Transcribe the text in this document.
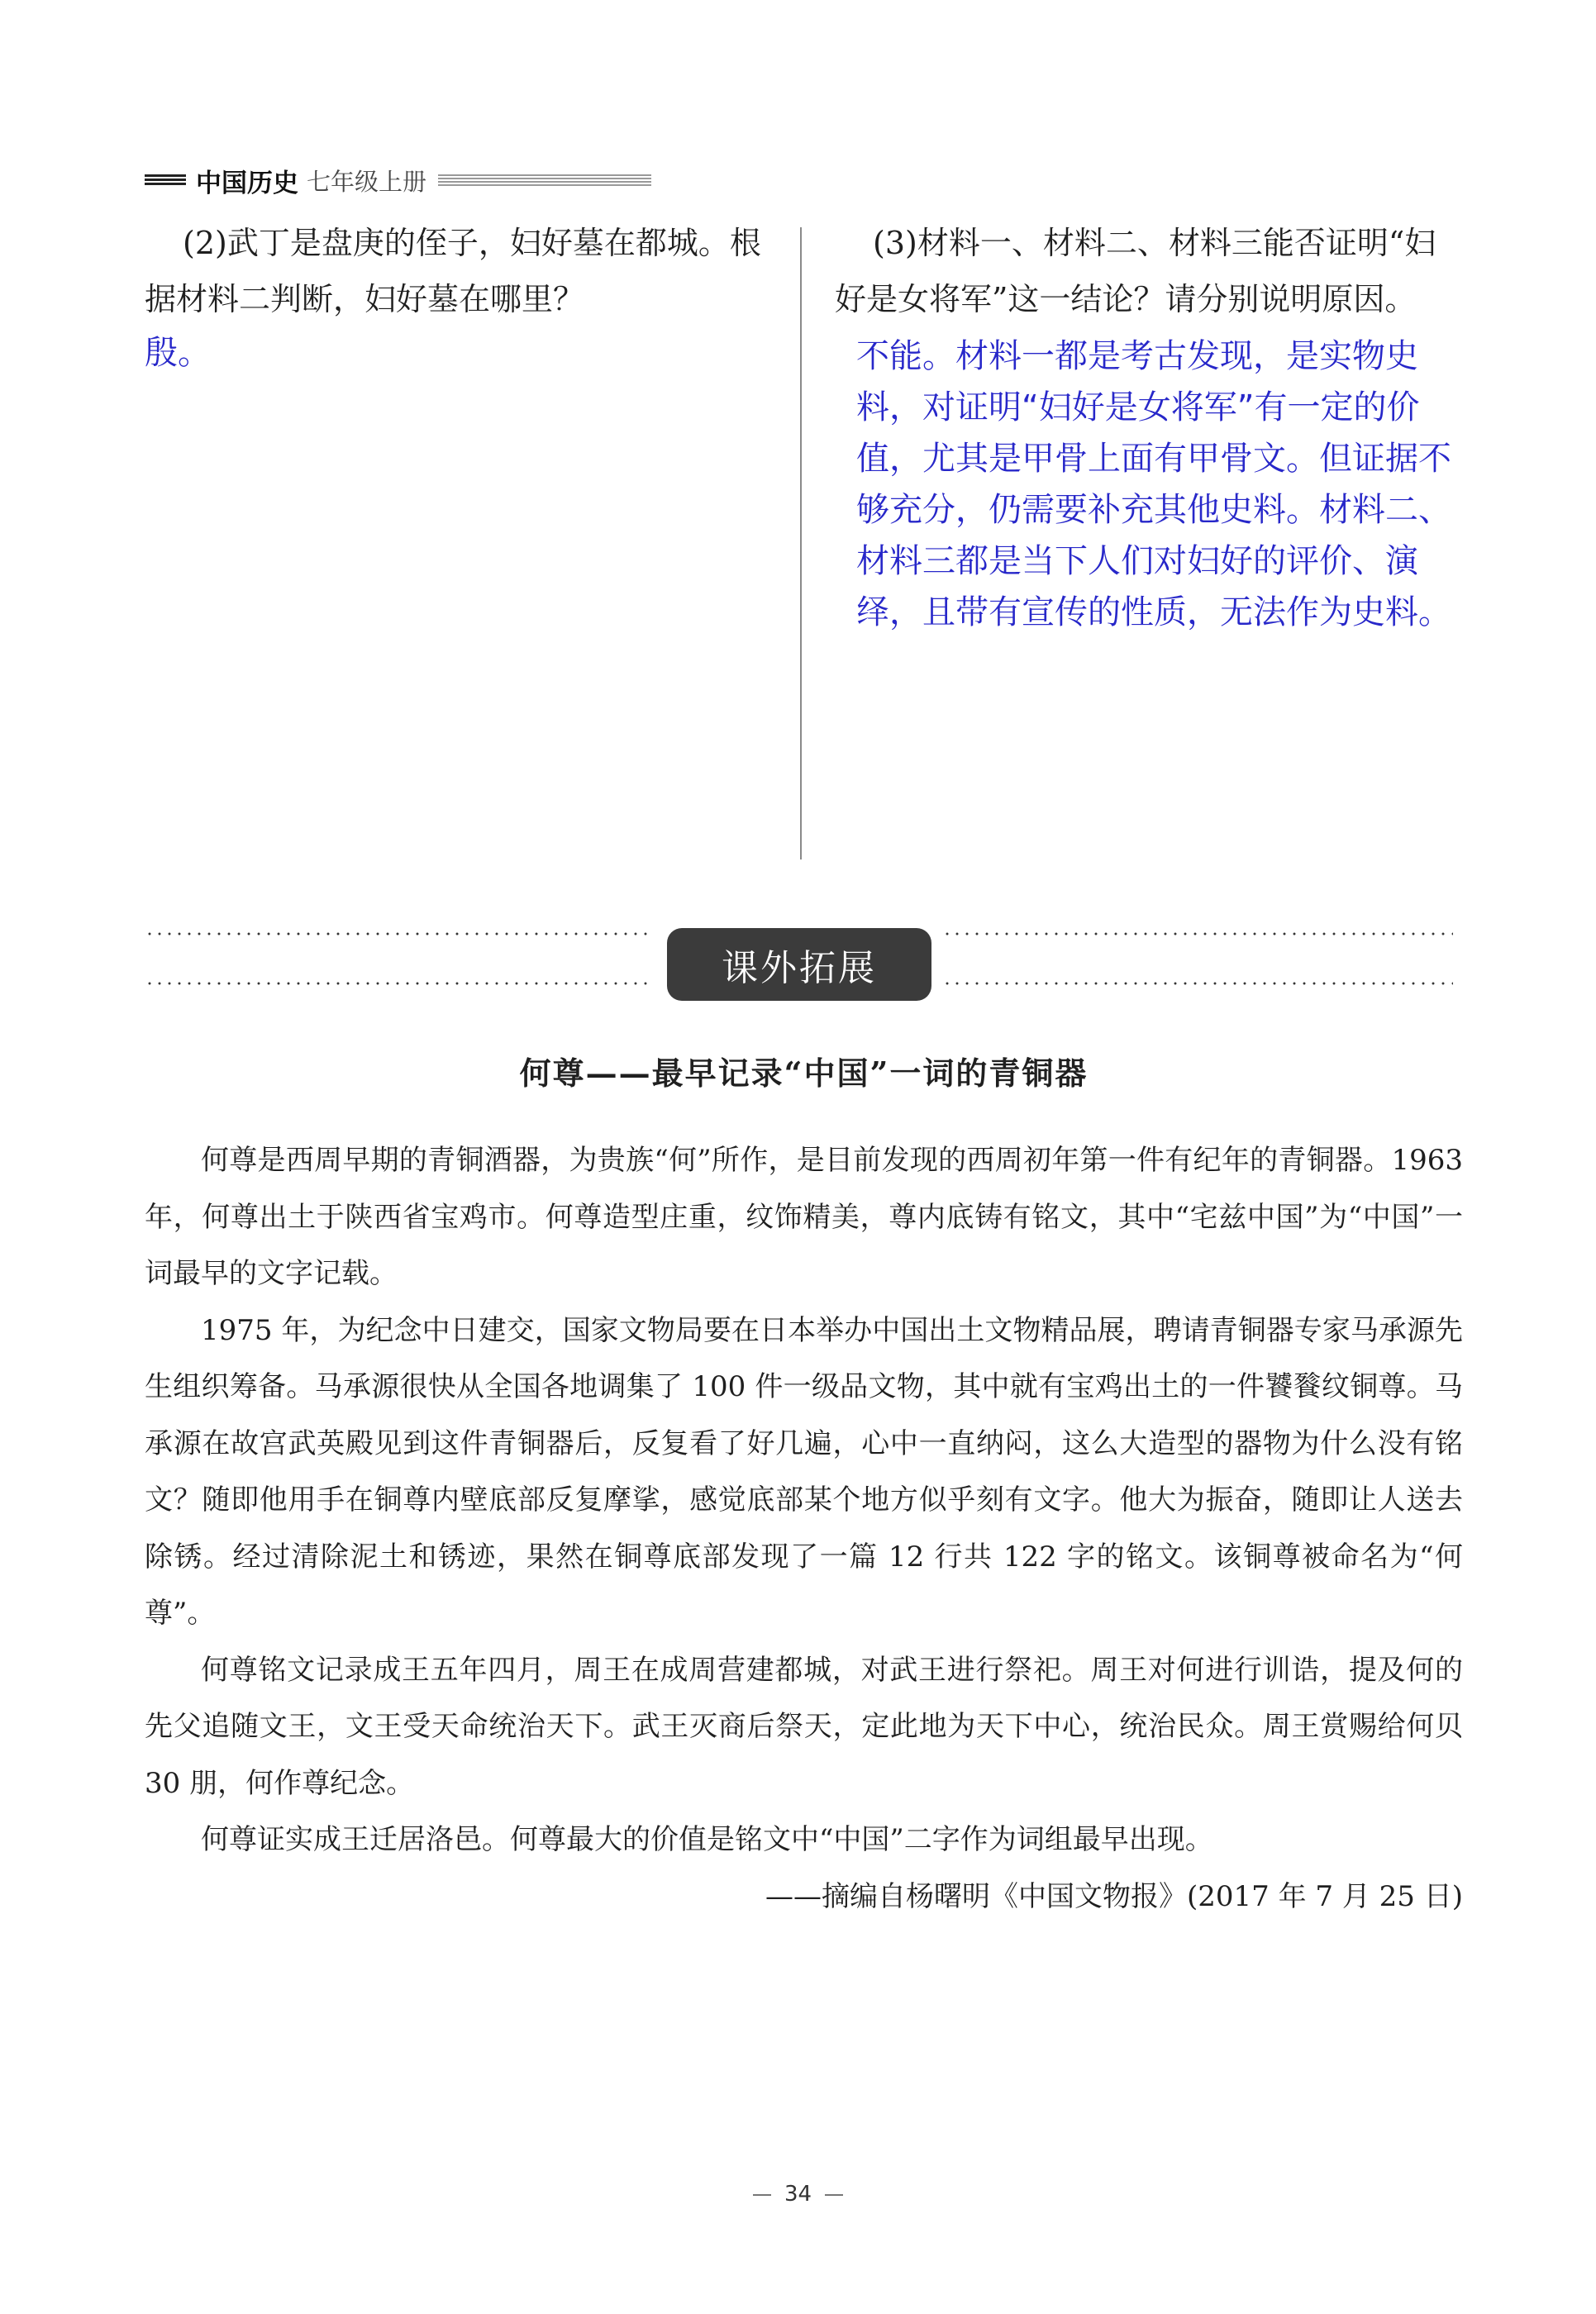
中国历史 七年级上册

(2)武丁是盘庚的侄子，妇好墓在都城。根据材料二判断，妇好墓在哪里？

殷。

(3)材料一、材料二、材料三能否证明“妇好是女将军”这一结论？请分别说明原因。

不能。材料一都是考古发现，是实物史料，对证明“妇好是女将军”有一定的价值，尤其是甲骨上面有甲骨文。但证据不够充分，仍需要补充其他史料。材料二、材料三都是当下人们对妇好的评价、演绎，且带有宣传的性质，无法作为史料。

课外拓展
何尊——最早记录“中国”一词的青铜器

何尊是西周早期的青铜酒器，为贵族“何”所作，是目前发现的西周初年第一件有纪年的青铜器。1963 年，何尊出土于陕西省宝鸡市。何尊造型庄重，纹饰精美，尊内底铸有铭文，其中“宅兹中国”为“中国”一词最早的文字记载。

1975 年，为纪念中日建交，国家文物局要在日本举办中国出土文物精品展，聘请青铜器专家马承源先生组织筹备。马承源很快从全国各地调集了 100 件一级品文物，其中就有宝鸡出土的一件饕餮纹铜尊。马承源在故宫武英殿见到这件青铜器后，反复看了好几遍，心中一直纳闷，这么大造型的器物为什么没有铭文？随即他用手在铜尊内壁底部反复摩挲，感觉底部某个地方似乎刻有文字。他大为振奋，随即让人送去除锈。经过清除泥土和锈迹，果然在铜尊底部发现了一篇 12 行共 122 字的铭文。该铜尊被命名为“何尊”。

何尊铭文记录成王五年四月，周王在成周营建都城，对武王进行祭祀。周王对何进行训诰，提及何的先父追随文王，文王受天命统治天下。武王灭商后祭天，定此地为天下中心，统治民众。周王赏赐给何贝 30 朋，何作尊纪念。

何尊证实成王迁居洛邑。何尊最大的价值是铭文中“中国”二字作为词组最早出现。

——摘编自杨曙明《中国文物报》(2017 年 7 月 25 日)

34
